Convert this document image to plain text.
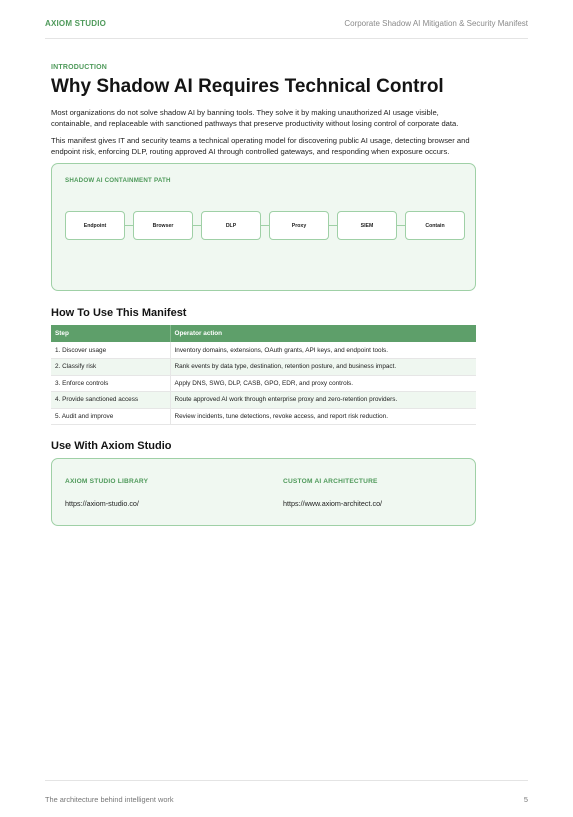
AXIOM STUDIO	Corporate Shadow AI Mitigation & Security Manifest
INTRODUCTION
Why Shadow AI Requires Technical Control

Most organizations do not solve shadow AI by banning tools. They solve it by making unauthorized AI usage visible, containable, and replaceable with sanctioned pathways that preserve productivity without losing control of corporate data.

This manifest gives IT and security teams a technical operating model for discovering public AI usage, detecting browser and endpoint risk, enforcing DLP, routing approved AI through controlled gateways, and responding when exposure occurs.

SHADOW AI CONTAINMENT PATH
Endpoint	Browser	DLP	Proxy	SIEM	Contain
How To Use This Manifest
Step	Operator action
1. Discover usage	Inventory domains, extensions, OAuth grants, API keys, and endpoint tools.
2. Classify risk	Rank events by data type, destination, retention posture, and business impact.
3. Enforce controls	Apply DNS, SWG, DLP, CASB, GPO, EDR, and proxy controls.
4. Provide sanctioned access	Route approved AI work through enterprise proxy and zero-retention providers.
5. Audit and improve	Review incidents, tune detections, revoke access, and report risk reduction.
Use With Axiom Studio
AXIOM STUDIO LIBRARY
https://axiom-studio.co/
CUSTOM AI ARCHITECTURE
https://www.axiom-architect.co/
The architecture behind intelligent work	5
